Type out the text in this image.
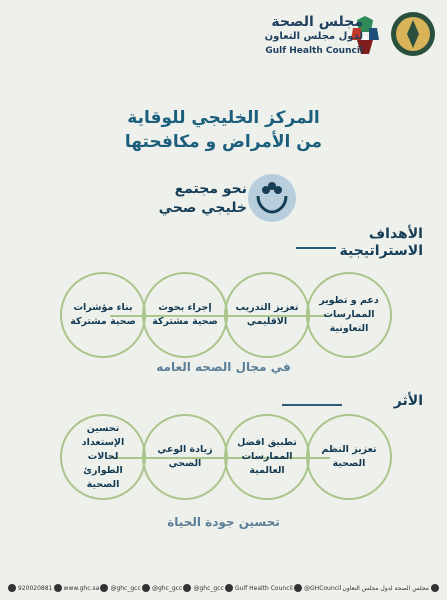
مجلس الصحة
لدول مجلس التعاون
Gulf Health Council
المركز الخليجي للوقاية
من الأمراض و مكافحتها
نحو مجتمع
خليجي صحي
الأهداف
الاستراتيجية
دعم و تطوير الممارسات التعاونية
تعزيز التدريب الاقليمي
إجراء بحوث صحية مشتركة
بناء مؤشرات صحية مشتركة
في مجال الصحه العامه
الأثر
تعزيز النظم الصحية
تطبيق افضل الممارسات العالمية
زيادة الوعي الصحي
تحسين الإستعداد لحالات الطوارئ الصحية
تحسين جودة الحياة
920020881 www.ghc.sa @ghc_gcc @ghc_gcc @ghc_gcc Gulf Health Council @GHCouncil مجلس الصحة لدول مجلس التعاون
